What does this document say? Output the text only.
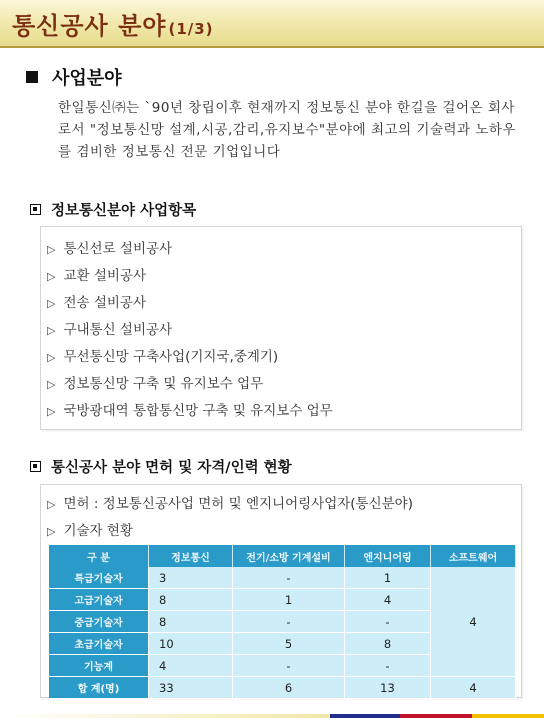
통신공사 분야 (1/3)
사업분야
한일통신㈜는 `90년 창립이후 현재까지 정보통신 분야 한길을 걸어온 회사로서 "정보통신망 설계,시공,감리,유지보수"분야에 최고의 기술력과 노하우를 겸비한 정보통신 전문 기업입니다
정보통신분야 사업항목
▷ 통신선로 설비공사
▷ 교환 설비공사
▷ 전송 설비공사
▷ 구내통신 설비공사
▷ 무선통신망 구축사업(기지국,중계기)
▷ 정보통신망 구축 및 유지보수 업무
▷ 국방광대역 통합통신망 구축 및 유지보수 업무
통신공사 분야 면허 및 자격/인력 현황
▷ 면허 : 정보통신공사업 면허 및 엔지니어링사업자(통신분야)
▷ 기술자 현황
구 분	정보통신	전기/소방 기계설비	엔지니어링	소프트웨어
특급기술자	3	-	1	4
고급기술자	8	1	4	
중급기술자	8	-	-	
초급기술자	10	5	8	
기능계	4	-	-	
합 계(명)	33	6	13	4
